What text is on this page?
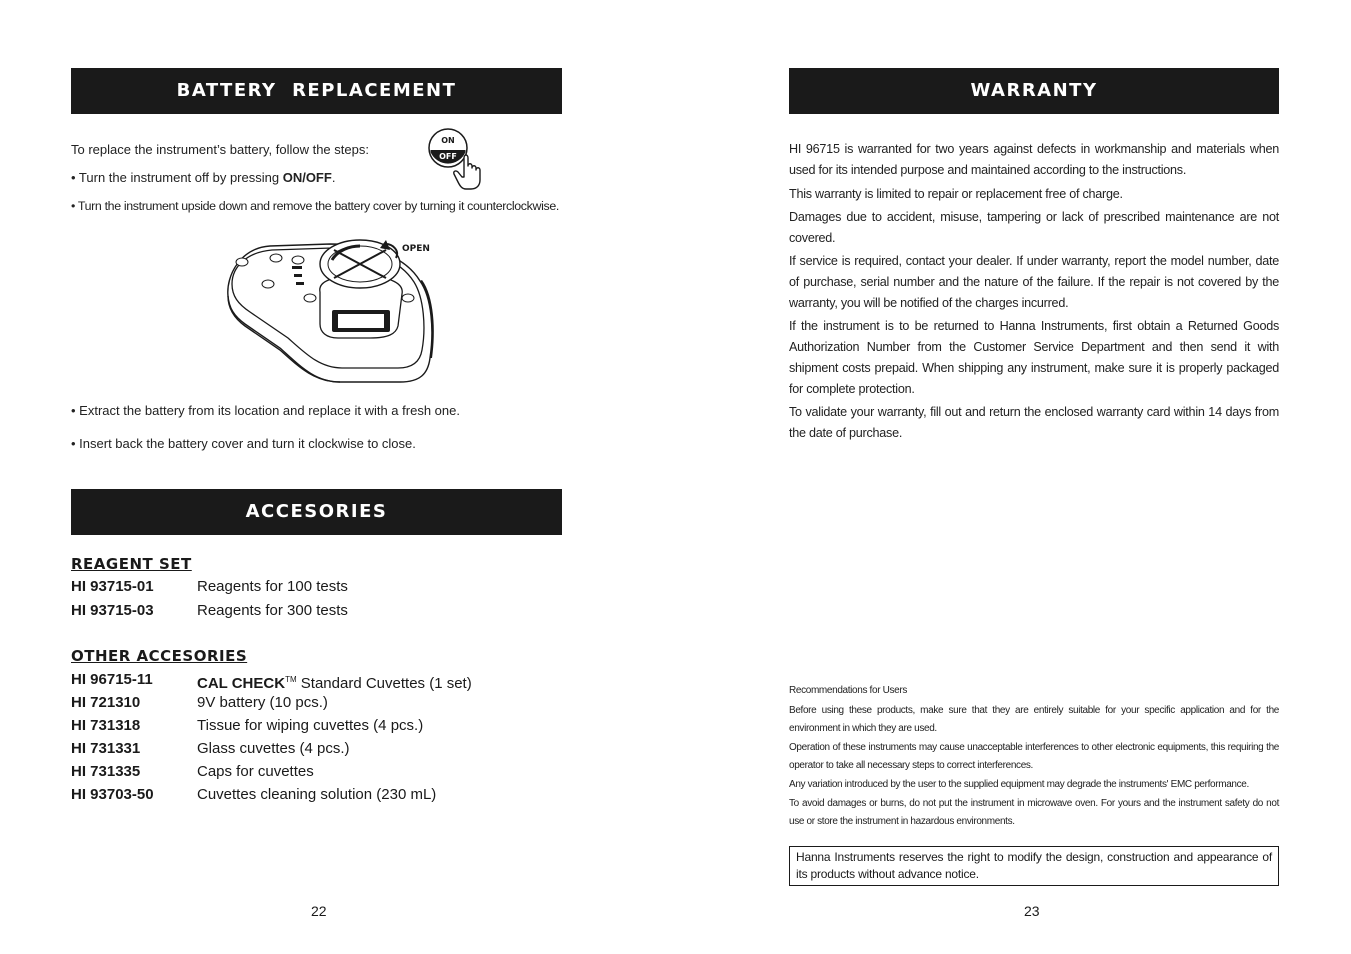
BATTERY  REPLACEMENT
To replace the instrument’s battery, follow the steps:
ON
OFF
• Turn the instrument off by pressing ON/OFF.
• Turn the instrument upside down and remove the battery cover by turning it counterclockwise.
OPEN
• Extract the battery from its location and replace it with a fresh one.
• Insert back the battery cover and turn it clockwise to close.
ACCESORIES
REAGENT SET
HI 93715-01	Reagents for 100 tests
HI 93715-03	Reagents for 300 tests
OTHER ACCESORIES
HI 96715-11	CAL CHECK™ Standard Cuvettes (1 set)
HI 721310	9V battery (10 pcs.)
HI 731318	Tissue for wiping cuvettes (4 pcs.)
HI 731331	Glass cuvettes (4 pcs.)
HI 731335	Caps for cuvettes
HI 93703-50	Cuvettes cleaning solution (230 mL)
22
WARRANTY
HI 96715 is warranted for two years against defects in workmanship and materials when used for its intended purpose and maintained according to the instructions.
This warranty is limited to repair or replacement free of charge.
Damages due to accident, misuse, tampering or lack of prescribed maintenance are not covered.
If service is required, contact your dealer. If under warranty, report the model number, date of purchase, serial number and the nature of the failure. If the repair is not covered by the warranty, you will be notified of the charges incurred.
If the instrument is to be returned to Hanna Instruments, first obtain a Returned Goods Authorization Number from the Customer Service Department and then send it with shipment costs prepaid. When shipping any instrument, make sure it is properly packaged for complete protection.
To validate your warranty, fill out and return the enclosed warranty card within 14 days from the date of purchase.
Recommendations for Users
Before using these products, make sure that they are entirely suitable for your specific application and for the environment in which they are used.
Operation of these instruments may cause unacceptable interferences to other electronic equipments, this requiring the operator to take all necessary steps to correct interferences.
Any variation introduced by the user to the supplied equipment may degrade the instruments' EMC performance.
To avoid damages or burns, do not put the instrument in microwave oven. For yours and the instrument safety do not use or store the instrument in hazardous environments.
Hanna Instruments reserves the right to modify the design, construction and appearance of its products without advance notice.
23
